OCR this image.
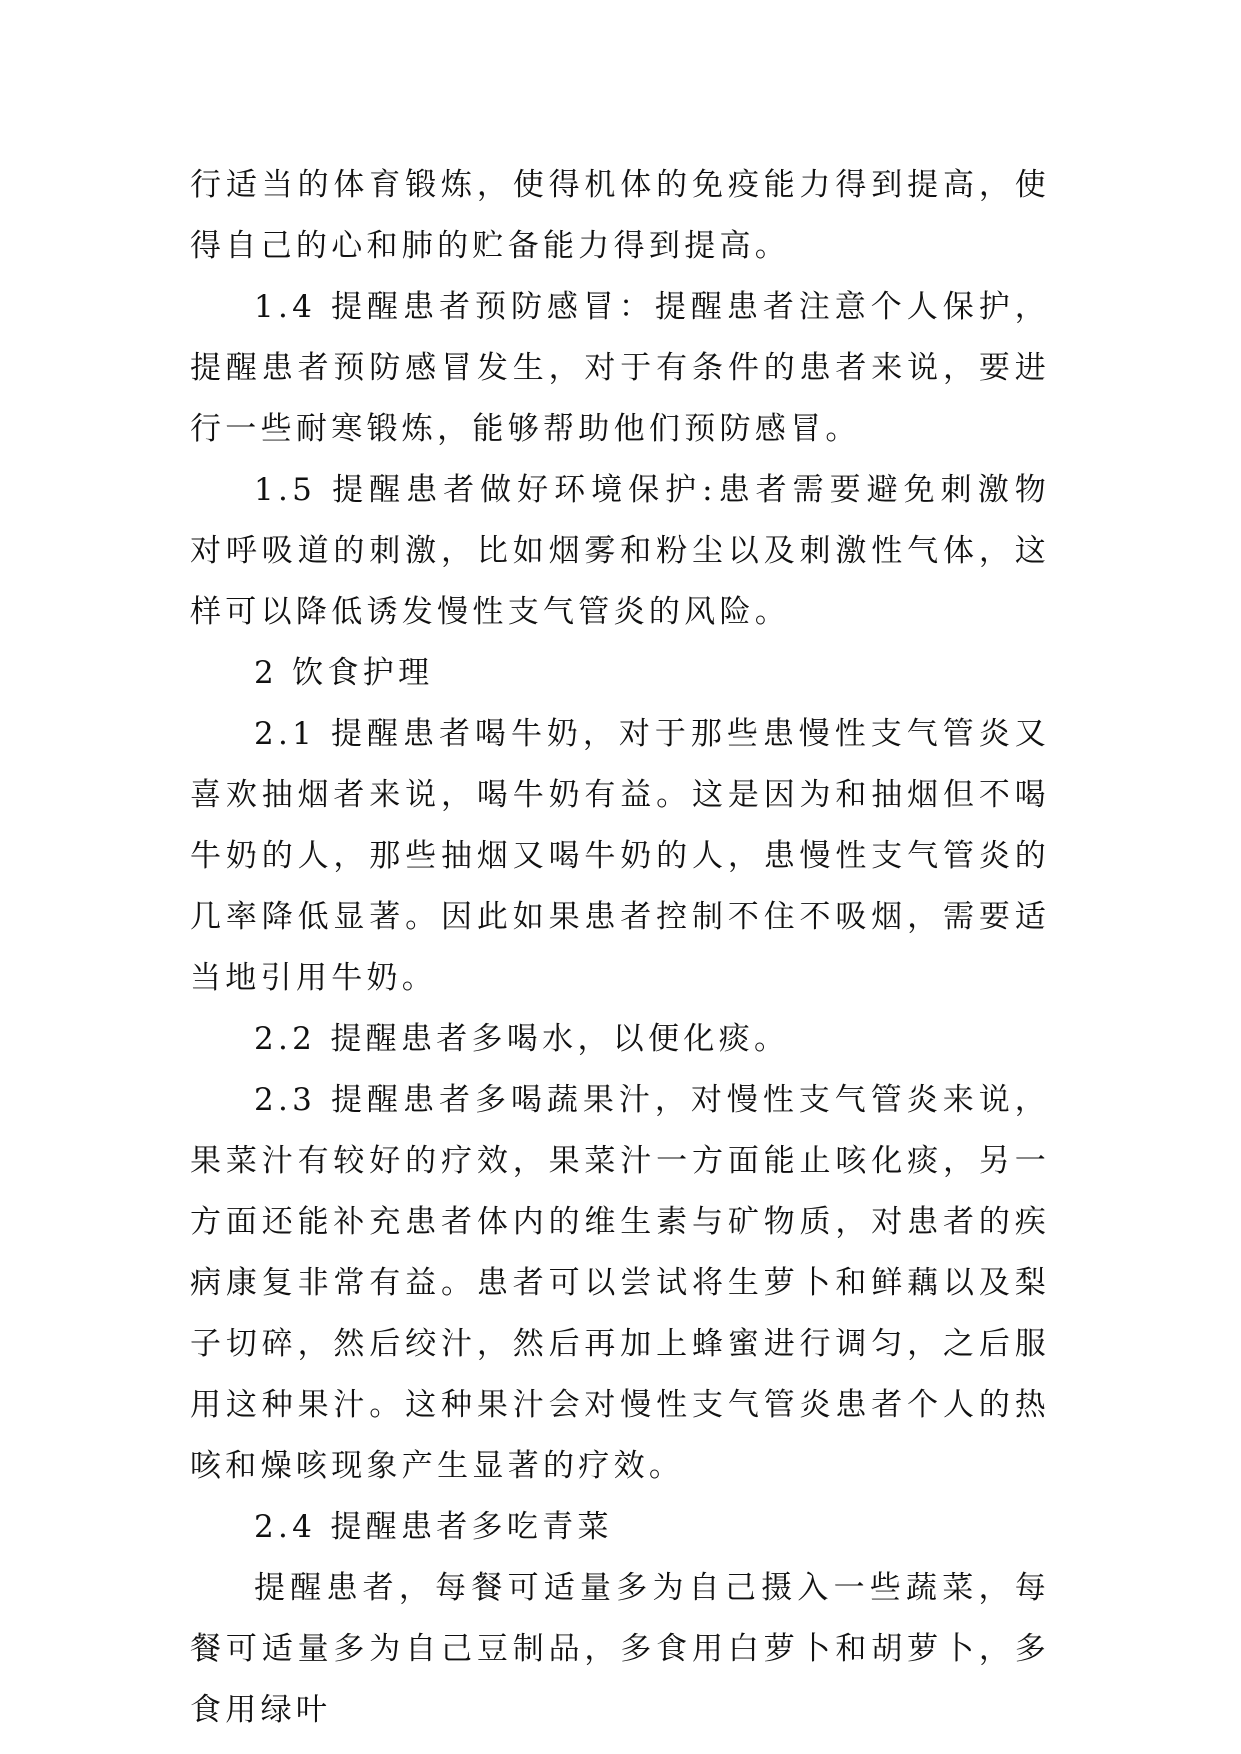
行适当的体育锻炼，使得机体的免疫能力得到提高，使得自己的心和肺的贮备能力得到提高。

1.4 提醒患者预防感冒：提醒患者注意个人保护， 提醒患者预防感冒发生，对于有条件的患者来说，要进行一些耐寒锻炼，能够帮助他们预防感冒。

1.5 提醒患者做好环境保护:患者需要避免刺激物对呼吸道的刺激，比如烟雾和粉尘以及刺激性气体，这样可以降低诱发慢性支气管炎的风险。

2 饮食护理

2.1 提醒患者喝牛奶，对于那些患慢性支气管炎又喜欢抽烟者来说，喝牛奶有益。这是因为和抽烟但不喝牛奶的人，那些抽烟又喝牛奶的人，患慢性支气管炎的几率降低显著。因此如果患者控制不住不吸烟，需要适当地引用牛奶。

2.2 提醒患者多喝水，以便化痰。

2.3 提醒患者多喝蔬果汁，对慢性支气管炎来说，果菜汁有较好的疗效，果菜汁一方面能止咳化痰，另一方面还能补充患者体内的维生素与矿物质，对患者的疾病康复非常有益。患者可以尝试将生萝卜和鲜藕以及梨子切碎，然后绞汁，然后再加上蜂蜜进行调匀，之后服用这种果汁。这种果汁会对慢性支气管炎患者个人的热咳和燥咳现象产生显著的疗效。

2.4 提醒患者多吃青菜

提醒患者，每餐可适量多为自己摄入一些蔬菜，每餐可适量多为自己豆制品，多食用白萝卜和胡萝卜，多食用绿叶
